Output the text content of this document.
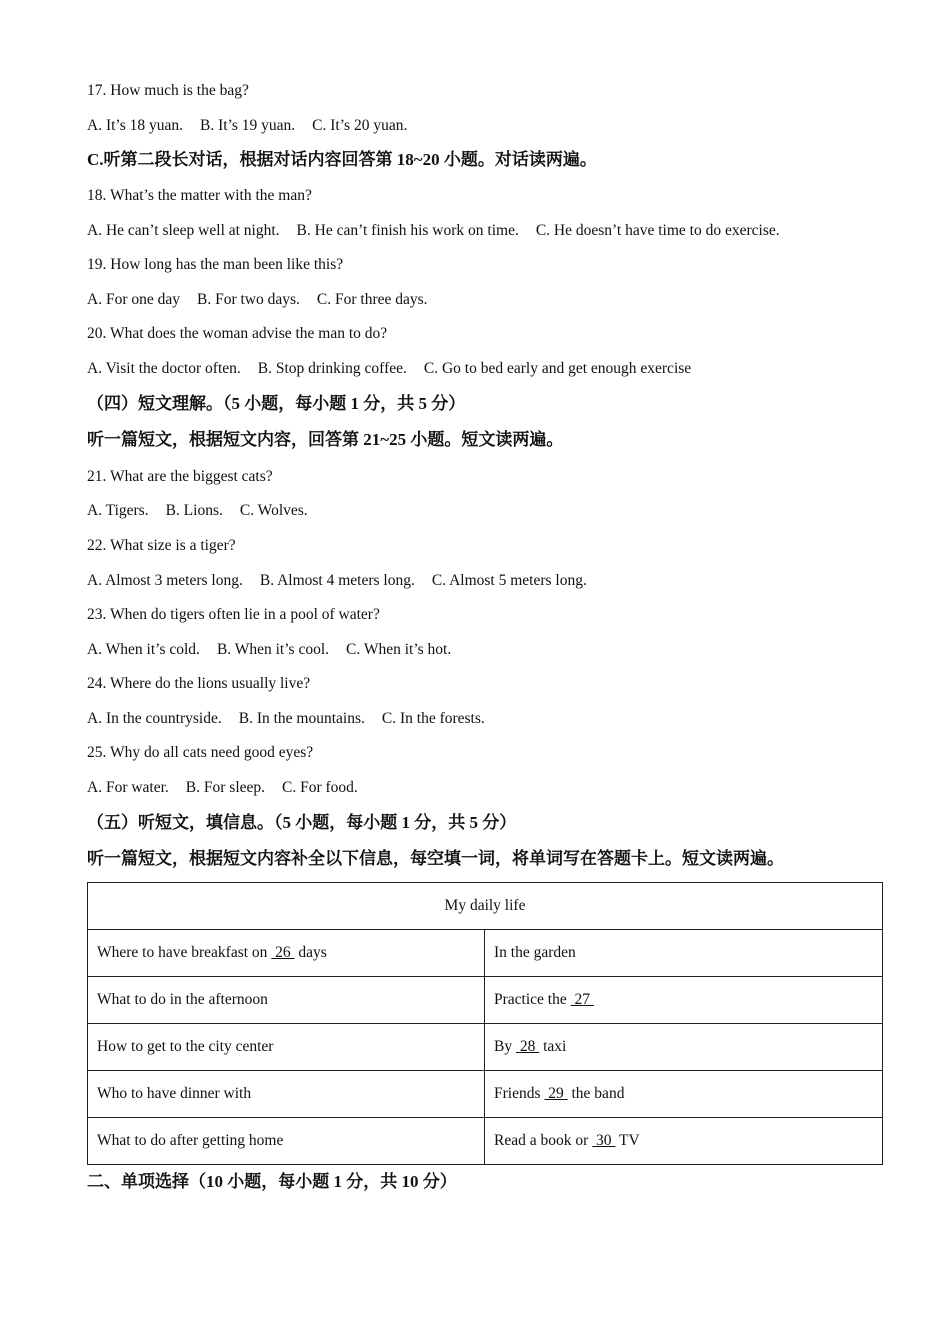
17. How much is the bag?
A. It’s 18 yuan. B. It’s 19 yuan. C. It’s 20 yuan.
C.听第二段长对话，根据对话内容回答第 18~20 小题。对话读两遍。
18. What’s the matter with the man?
A. He can’t sleep well at night. B. He can’t finish his work on time. C. He doesn’t have time to do exercise.
19. How long has the man been like this?
A. For one day B. For two days. C. For three days.
20. What does the woman advise the man to do?
A. Visit the doctor often. B. Stop drinking coffee. C. Go to bed early and get enough exercise
（四）短文理解。（5 小题，每小题 1 分，共 5 分）
听一篇短文，根据短文内容，回答第 21~25 小题。短文读两遍。
21. What are the biggest cats?
A. Tigers. B. Lions. C. Wolves.
22. What size is a tiger?
A. Almost 3 meters long. B. Almost 4 meters long. C. Almost 5 meters long.
23. When do tigers often lie in a pool of water?
A. When it’s cold. B. When it’s cool. C. When it’s hot.
24. Where do the lions usually live?
A. In the countryside. B. In the mountains. C. In the forests.
25. Why do all cats need good eyes?
A. For water. B. For sleep. C. For food.
（五）听短文，填信息。（5 小题，每小题 1 分，共 5 分）
听一篇短文，根据短文内容补全以下信息，每空填一词，将单词写在答题卡上。短文读两遍。
My daily life	
Where to have breakfast on  26  days	In the garden
What to do in the afternoon	Practice the  27
How to get to the city center	By  28  taxi
Who to have dinner with	Friends  29  the band
What to do after getting home	Read a book or  30  TV
二、单项选择（10 小题，每小题 1 分，共 10 分）
